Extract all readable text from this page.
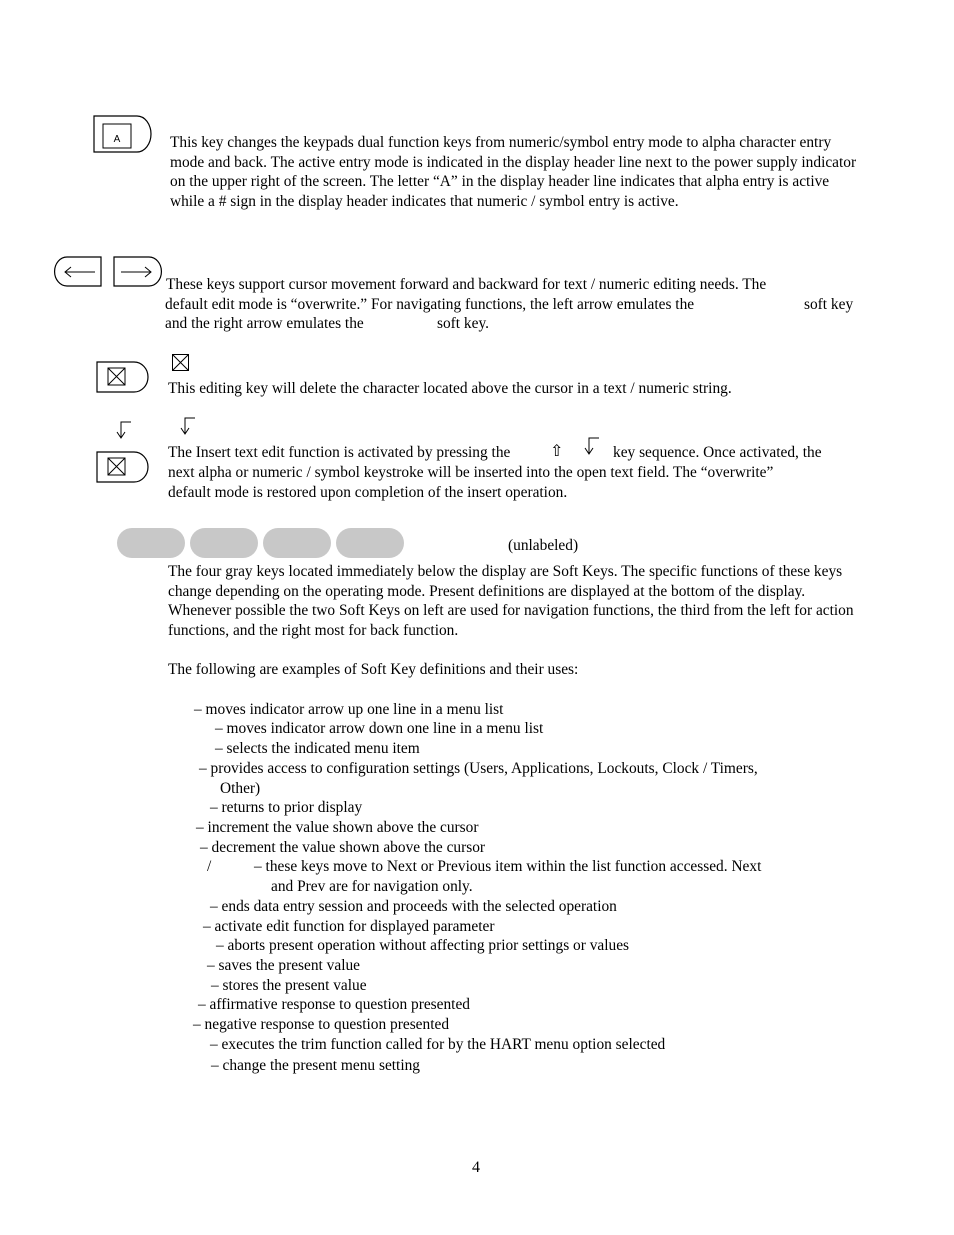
A	This key changes the keypads dual function keys from numeric/symbol entry mode to alpha character entry mode and back. The active entry mode is indicated in the display header line next to the power supply indicator on the upper right of the screen. The letter “A” in the display header line indicates that alpha entry is active while a # sign in the display header indicates that numeric / symbol entry is active.
These keys support cursor movement forward and backward for text / numeric editing needs. The
default edit mode is “overwrite.” For navigating functions, the left arrow emulates the	soft key
and the right arrow emulates the	soft key.
This editing key will delete the character located above the cursor in a text / numeric string.
The Insert text edit function is activated by pressing the ⇧	key sequence. Once activated, the
next alpha or numeric / symbol keystroke will be inserted into the open text field. The “overwrite”
default mode is restored upon completion of the insert operation.
(unlabeled)
The four gray keys located immediately below the display are Soft Keys. The specific functions of these keys change depending on the operating mode. Present definitions are displayed at the bottom of the display. Whenever possible the two Soft Keys on left are used for navigation functions, the third from the left for action functions, and the right most for back function.
The following are examples of Soft Key definitions and their uses:
– moves indicator arrow up one line in a menu list
– moves indicator arrow down one line in a menu list
– selects the indicated menu item
– provides access to configuration settings (Users, Applications, Lockouts, Clock / Timers,
Other)
– returns to prior display
– increment the value shown above the cursor
– decrement the value shown above the cursor
/	– these keys move to Next or Previous item within the list function accessed. Next
and Prev are for navigation only.
– ends data entry session and proceeds with the selected operation
– activate edit function for displayed parameter
– aborts present operation without affecting prior settings or values
– saves the present value
– stores the present value
– affirmative response to question presented
– negative response to question presented
– executes the trim function called for by the HART menu option selected
– change the present menu setting
4
